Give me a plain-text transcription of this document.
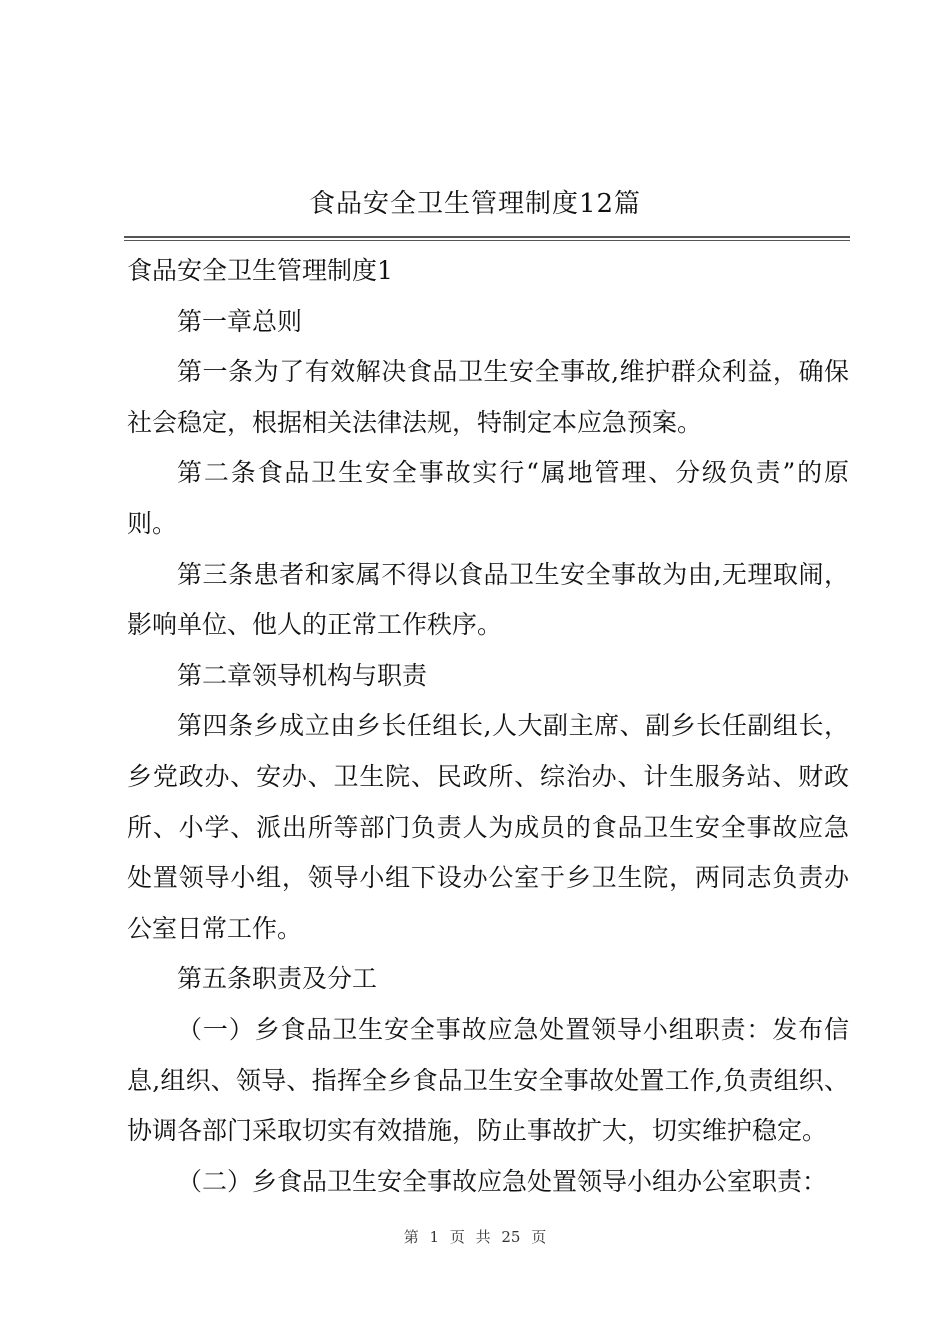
食品安全卫生管理制度12篇

食品安全卫生管理制度1

第一章总则

第一条为了有效解决食品卫生安全事故,维护群众利益，确保社会稳定，根据相关法律法规，特制定本应急预案。

第二条食品卫生安全事故实行“属地管理、分级负责”的原则。

第三条患者和家属不得以食品卫生安全事故为由,无理取闹，影响单位、他人的正常工作秩序。

第二章领导机构与职责

第四条乡成立由乡长任组长,人大副主席、副乡长任副组长，乡党政办、安办、卫生院、民政所、综治办、计生服务站、财政所、小学、派出所等部门负责人为成员的食品卫生安全事故应急处置领导小组，领导小组下设办公室于乡卫生院，两同志负责办公室日常工作。

第五条职责及分工

（一）乡食品卫生安全事故应急处置领导小组职责：发布信息,组织、领导、指挥全乡食品卫生安全事故处置工作,负责组织、协调各部门采取切实有效措施，防止事故扩大，切实维护稳定。

（二）乡食品卫生安全事故应急处置领导小组办公室职责：

第 1 页 共 25 页
